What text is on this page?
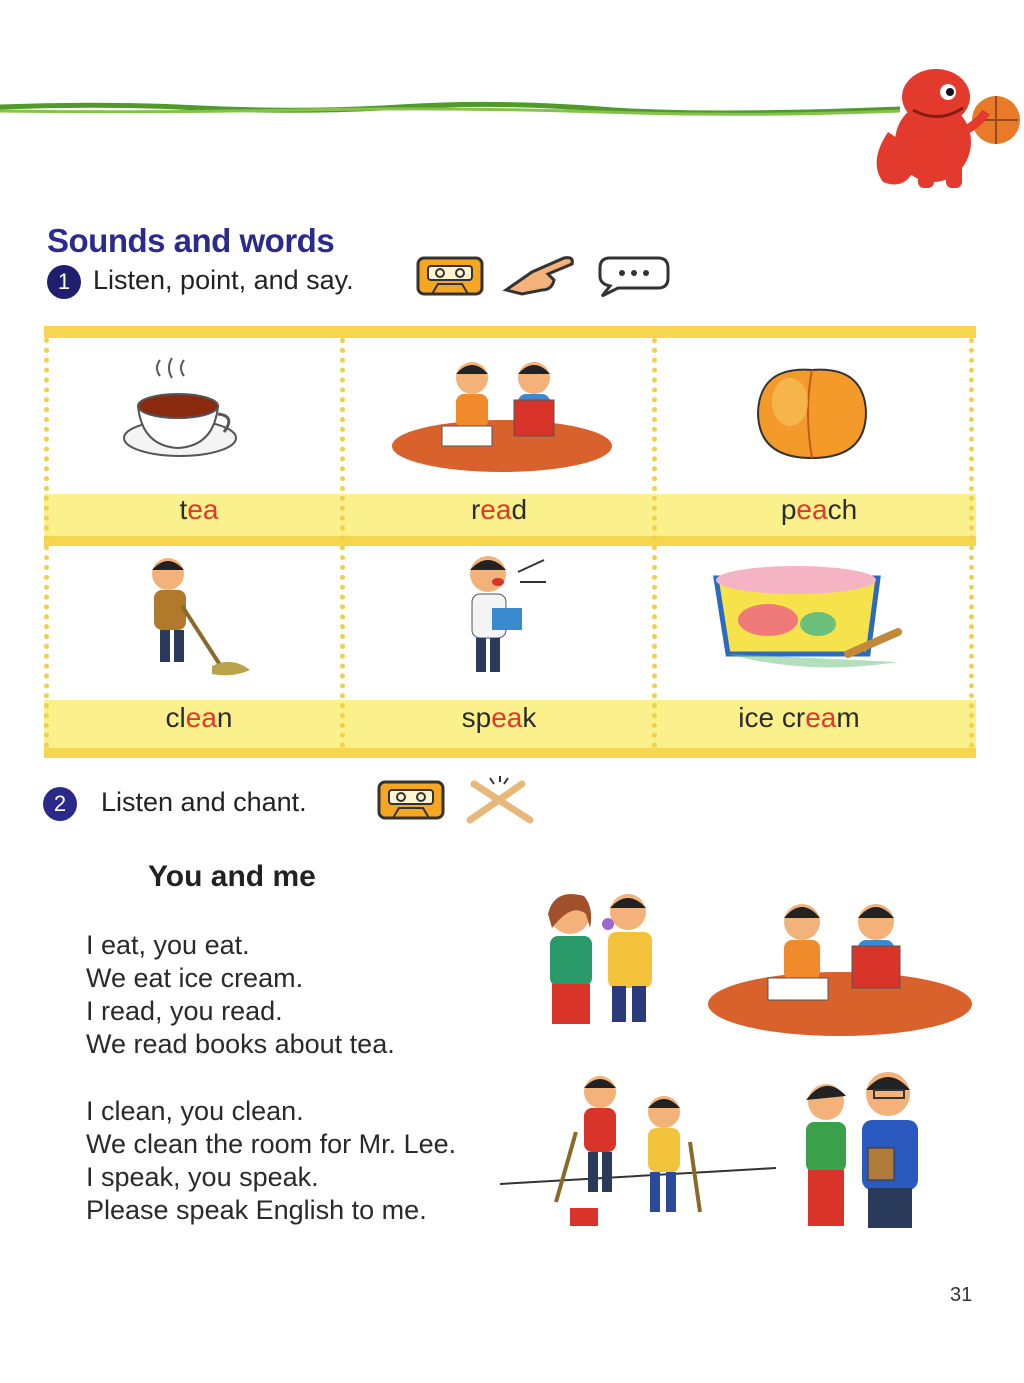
Sounds and words
1 Listen, point, and say.
tea	read	peach
clean	speak	ice cream
2 Listen and chant.
You and me
I eat, you eat.
We eat ice cream.
I read, you read.
We read books about tea.
I clean, you clean.
We clean the room for Mr. Lee.
I speak, you speak.
Please speak English to me.
31
